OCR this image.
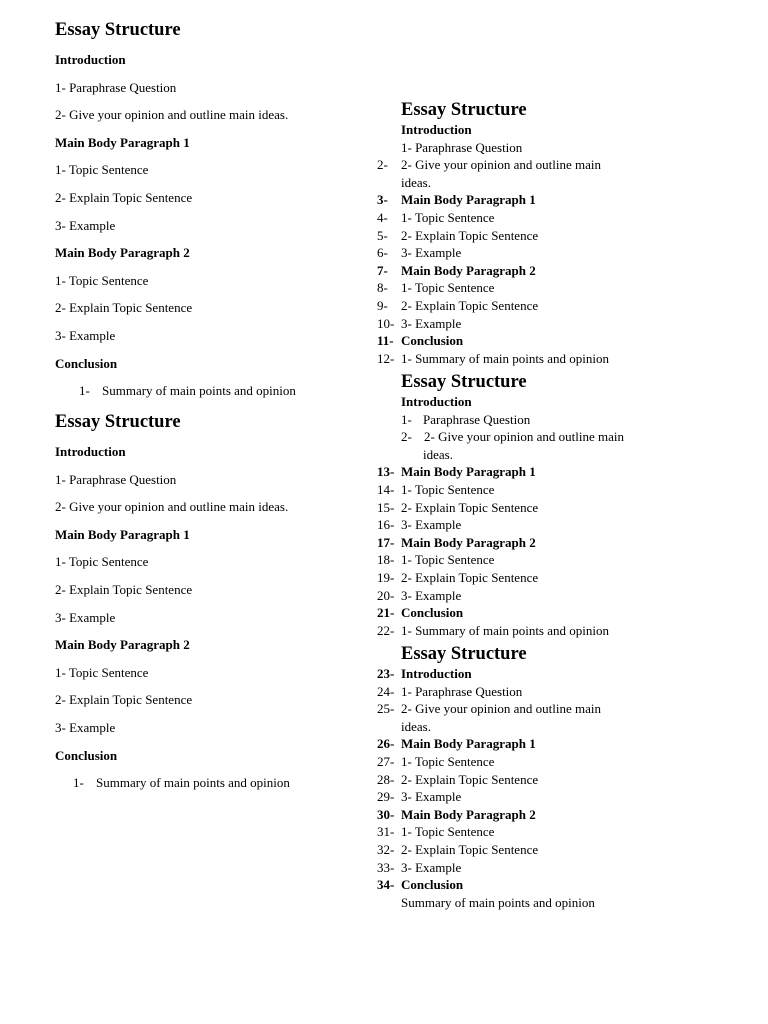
Essay Structure
Introduction
1- Paraphrase Question
2- Give your opinion and outline main ideas.
Main Body Paragraph 1
1- Topic Sentence
2- Explain Topic Sentence
3- Example
Main Body Paragraph 2
1- Topic Sentence
2- Explain Topic Sentence
3- Example
Conclusion
1- Summary of main points and opinion
Essay Structure
Introduction
1- Paraphrase Question
2- Give your opinion and outline main ideas.
Main Body Paragraph 1
1- Topic Sentence
2- Explain Topic Sentence
3- Example
Main Body Paragraph 2
1- Topic Sentence
2- Explain Topic Sentence
3- Example
Conclusion
1- Summary of main points and opinion
Essay Structure
Introduction
1- Paraphrase Question
2- 2- Give your opinion and outline main
ideas.
3- Main Body Paragraph 1
4- 1- Topic Sentence
5- 2- Explain Topic Sentence
6- 3- Example
7- Main Body Paragraph 2
8- 1- Topic Sentence
9- 2- Explain Topic Sentence
10- 3- Example
11- Conclusion
12- 1- Summary of main points and opinion
Essay Structure
Introduction
1- Paraphrase Question
2- 2- Give your opinion and outline main
ideas.
13- Main Body Paragraph 1
14- 1- Topic Sentence
15- 2- Explain Topic Sentence
16- 3- Example
17- Main Body Paragraph 2
18- 1- Topic Sentence
19- 2- Explain Topic Sentence
20- 3- Example
21- Conclusion
22- 1- Summary of main points and opinion
Essay Structure
23- Introduction
24- 1- Paraphrase Question
25- 2- Give your opinion and outline main
ideas.
26- Main Body Paragraph 1
27- 1- Topic Sentence
28- 2- Explain Topic Sentence
29- 3- Example
30- Main Body Paragraph 2
31- 1- Topic Sentence
32- 2- Explain Topic Sentence
33- 3- Example
34- Conclusion
Summary of main points and opinion
